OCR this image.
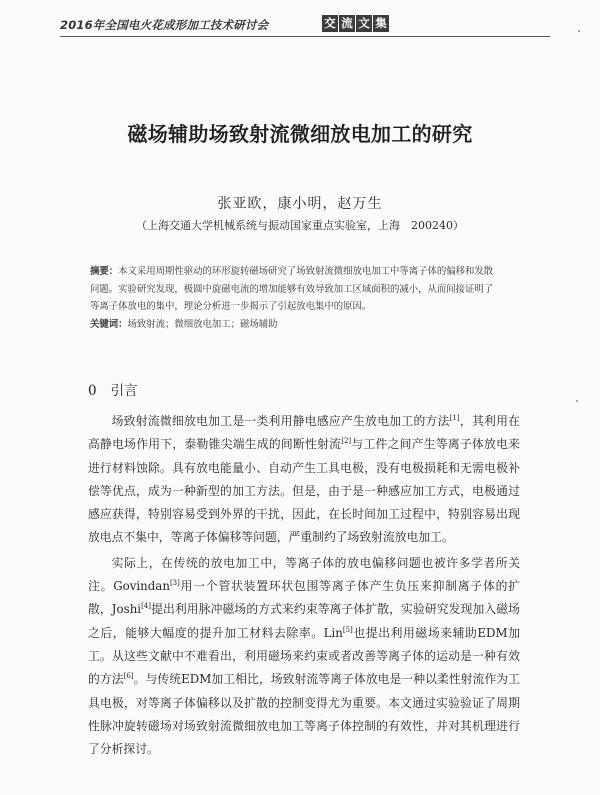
2016年全国电火花成形加工技术研讨会	交 流 文 集
磁场辅助场致射流微细放电加工的研究
张亚欧，康小明，赵万生
（上海交通大学机械系统与振动国家重点实验室，上海　200240）
摘要：本文采用周期性驱动的环形旋转磁场研究了场致射流微细放电加工中等离子体的偏移和发散问题。实验研究发现，极圆中旋磁电流的增加能够有效导致加工区域面积的减小，从而间接证明了等离子体放电的集中，理论分析进一步揭示了引起放电集中的原因。
关键词：场致射流；微细放电加工；磁场辅助
0 引言

场致射流微细放电加工是一类利用静电感应产生放电加工的方法[1]，其利用在高静电场作用下，泰勒锥尖端生成的间断性射流[2]与工件之间产生等离子体放电来进行材料蚀除。具有放电能量小、自动产生工具电极，没有电极损耗和无需电极补偿等优点，成为一种新型的加工方法。但是，由于是一种感应加工方式，电极通过感应获得，特别容易受到外界的干扰，因此，在长时间加工过程中，特别容易出现放电点不集中，等离子体偏移等问题，严重制约了场致射流放电加工。

实际上，在传统的放电加工中，等离子体的放电偏移问题也被许多学者所关注。Govindan[3]用一个管状装置环状包围等离子体产生负压来抑制离子体的扩散，Joshi[4]提出利用脉冲磁场的方式来约束等离子体扩散，实验研究发现加入磁场之后，能够大幅度的提升加工材料去除率。Lin[5]也提出利用磁场来辅助EDM加工。从这些文献中不难看出，利用磁场来约束或者改善等离子体的运动是一种有效的方法[6]。与传统EDM加工相比，场致射流等离子体放电是一种以柔性射流作为工具电极，对等离子体偏移以及扩散的控制变得尤为重要。本文通过实验验证了周期性脉冲旋转磁场对场致射流微细放电加工等离子体控制的有效性，并对其机理进行了分析探讨。
